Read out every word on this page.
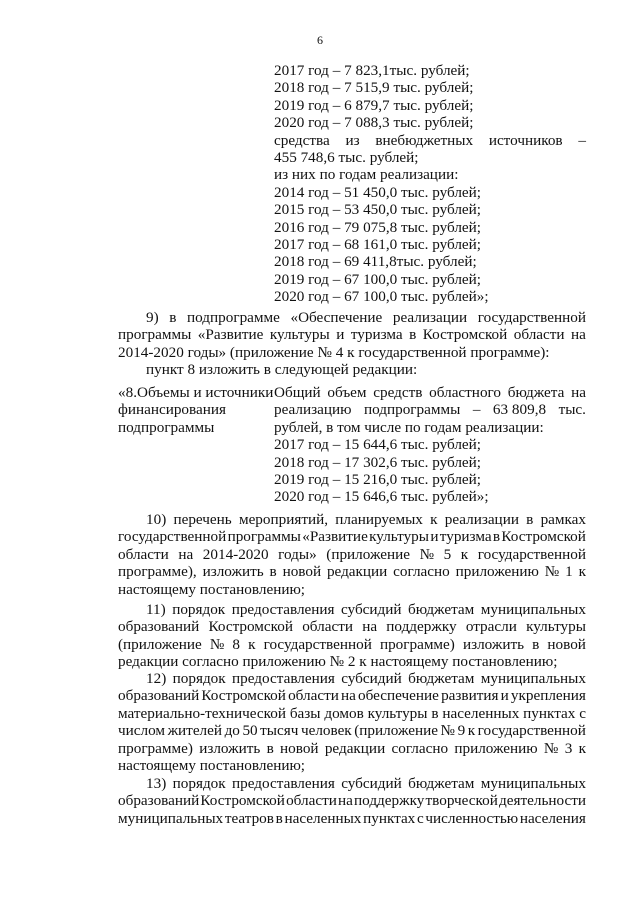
6
2017 год – 7 823,1тыс. рублей;
2018 год – 7 515,9 тыс. рублей;
2019 год – 6 879,7 тыс. рублей;
2020 год – 7 088,3 тыс. рублей;
средства из внебюджетных источников –
455 748,6 тыс. рублей;
из них по годам реализации:
2014 год – 51 450,0 тыс. рублей;
2015 год – 53 450,0 тыс. рублей;
2016 год – 79 075,8 тыс. рублей;
2017 год – 68 161,0 тыс. рублей;
2018 год – 69 411,8тыс. рублей;
2019 год – 67 100,0 тыс. рублей;
2020 год – 67 100,0 тыс. рублей»;
9) в подпрограмме «Обеспечение реализации государственной
программы «Развитие культуры и туризма в Костромской области на
2014-2020 годы» (приложение № 4 к государственной программе):
пункт 8 изложить в следующей редакции:
«8.Объемы и источники
финансирования
подпрограммы
Общий объем средств областного бюджета на
реализацию подпрограммы – 63 809,8 тыс.
рублей, в том числе по годам реализации:
2017 год – 15 644,6 тыс. рублей;
2018 год – 17 302,6 тыс. рублей;
2019 год – 15 216,0 тыс. рублей;
2020 год – 15 646,6 тыс. рублей»;
10) перечень мероприятий, планируемых к реализации в рамках
государственной программы «Развитие культуры и туризма в Костромской
области на 2014-2020 годы» (приложение № 5 к государственной
программе), изложить в новой редакции согласно приложению № 1 к
настоящему постановлению;
11) порядок предоставления субсидий бюджетам муниципальных
образований Костромской области на поддержку отрасли культуры
(приложение № 8 к государственной программе) изложить в новой
редакции согласно приложению № 2 к настоящему постановлению;
12) порядок предоставления субсидий бюджетам муниципальных
образований Костромской области на обеспечение развития и укрепления
материально-технической базы домов культуры в населенных пунктах с
числом жителей до 50 тысяч человек (приложение № 9 к государственной
программе) изложить в новой редакции согласно приложению № 3 к
настоящему постановлению;
13) порядок предоставления субсидий бюджетам муниципальных
образований Костромской области на поддержку творческой деятельности
муниципальных театров в населенных пунктах с численностью населения
